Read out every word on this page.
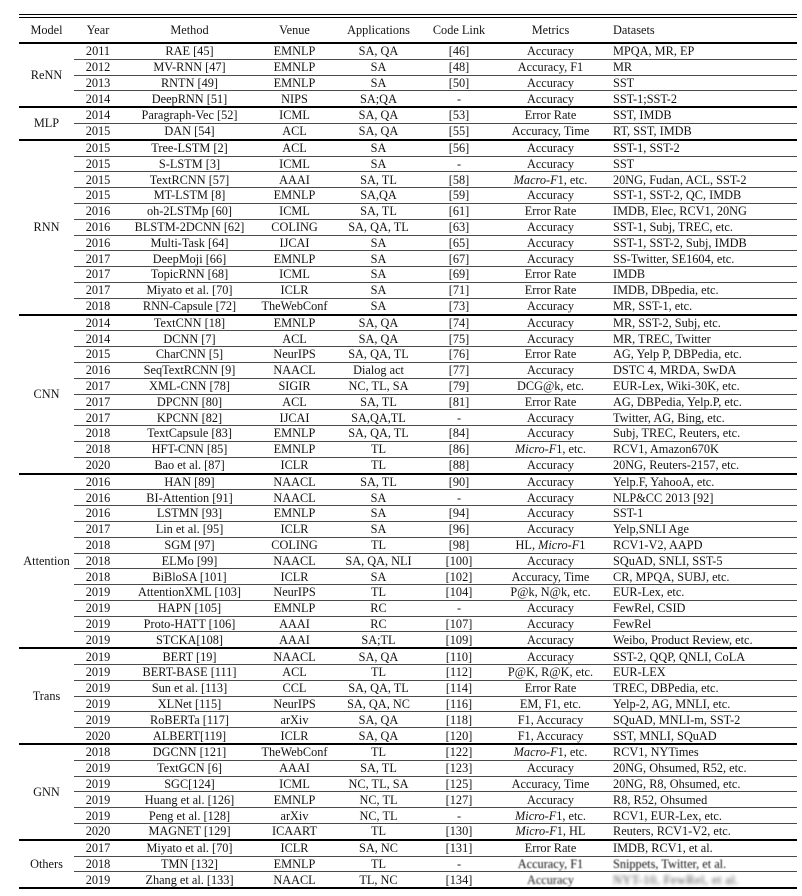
Model	Year	Method	Venue	Applications	Code Link	Metrics	Datasets
ReNN	2011	RAE [45]	EMNLP	SA, QA	[46]	Accuracy	MPQA, MR, EP
	2012	MV-RNN [47]	EMNLP	SA	[48]	Accuracy, F1	MR
	2013	RNTN [49]	EMNLP	SA	[50]	Accuracy	SST
	2014	DeepRNN [51]	NIPS	SA;QA	-	Accuracy	SST-1;SST-2
MLP	2014	Paragraph-Vec [52]	ICML	SA, QA	[53]	Error Rate	SST, IMDB
	2015	DAN [54]	ACL	SA, QA	[55]	Accuracy, Time	RT, SST, IMDB
RNN	2015	Tree-LSTM [2]	ACL	SA	[56]	Accuracy	SST-1, SST-2
	2015	S-LSTM [3]	ICML	SA	-	Accuracy	SST
	2015	TextRCNN [57]	AAAI	SA, TL	[58]	Macro-F1, etc.	20NG, Fudan, ACL, SST-2
	2015	MT-LSTM [8]	EMNLP	SA,QA	[59]	Accuracy	SST-1, SST-2, QC, IMDB
	2016	oh-2LSTMp [60]	ICML	SA, TL	[61]	Error Rate	IMDB, Elec, RCV1, 20NG
	2016	BLSTM-2DCNN [62]	COLING	SA, QA, TL	[63]	Accuracy	SST-1, Subj, TREC, etc.
	2016	Multi-Task [64]	IJCAI	SA	[65]	Accuracy	SST-1, SST-2, Subj, IMDB
	2017	DeepMoji [66]	EMNLP	SA	[67]	Accuracy	SS-Twitter, SE1604, etc.
	2017	TopicRNN [68]	ICML	SA	[69]	Error Rate	IMDB
	2017	Miyato et al. [70]	ICLR	SA	[71]	Error Rate	IMDB, DBpedia, etc.
	2018	RNN-Capsule [72]	TheWebConf	SA	[73]	Accuracy	MR, SST-1, etc.
CNN	2014	TextCNN [18]	EMNLP	SA, QA	[74]	Accuracy	MR, SST-2, Subj, etc.
	2014	DCNN [7]	ACL	SA, QA	[75]	Accuracy	MR, TREC, Twitter
	2015	CharCNN [5]	NeurIPS	SA, QA, TL	[76]	Error Rate	AG, Yelp P, DBPedia, etc.
	2016	SeqTextRCNN [9]	NAACL	Dialog act	[77]	Accuracy	DSTC 4, MRDA, SwDA
	2017	XML-CNN [78]	SIGIR	NC, TL, SA	[79]	DCG@k, etc.	EUR-Lex, Wiki-30K, etc.
	2017	DPCNN [80]	ACL	SA, TL	[81]	Error Rate	AG, DBPedia, Yelp.P, etc.
	2017	KPCNN [82]	IJCAI	SA,QA,TL	-	Accuracy	Twitter, AG, Bing, etc.
	2018	TextCapsule [83]	EMNLP	SA, QA, TL	[84]	Accuracy	Subj, TREC, Reuters, etc.
	2018	HFT-CNN [85]	EMNLP	TL	[86]	Micro-F1, etc.	RCV1, Amazon670K
	2020	Bao et al. [87]	ICLR	TL	[88]	Accuracy	20NG, Reuters-2157, etc.
Attention	2016	HAN [89]	NAACL	SA, TL	[90]	Accuracy	Yelp.F, YahooA, etc.
	2016	BI-Attention [91]	NAACL	SA	-	Accuracy	NLP&CC 2013 [92]
	2016	LSTMN [93]	EMNLP	SA	[94]	Accuracy	SST-1
	2017	Lin et al. [95]	ICLR	SA	[96]	Accuracy	Yelp,SNLI Age
	2018	SGM [97]	COLING	TL	[98]	HL, Micro-F1	RCV1-V2, AAPD
	2018	ELMo [99]	NAACL	SA, QA, NLI	[100]	Accuracy	SQuAD, SNLI, SST-5
	2018	BiBloSA [101]	ICLR	SA	[102]	Accuracy, Time	CR, MPQA, SUBJ, etc.
	2019	AttentionXML [103]	NeurIPS	TL	[104]	P@k, N@k, etc.	EUR-Lex, etc.
	2019	HAPN [105]	EMNLP	RC	-	Accuracy	FewRel, CSID
	2019	Proto-HATT [106]	AAAI	RC	[107]	Accuracy	FewRel
	2019	STCKA[108]	AAAI	SA;TL	[109]	Accuracy	Weibo, Product Review, etc.
Trans	2019	BERT [19]	NAACL	SA, QA	[110]	Accuracy	SST-2, QQP, QNLI, CoLA
	2019	BERT-BASE [111]	ACL	TL	[112]	P@K, R@K, etc.	EUR-LEX
	2019	Sun et al. [113]	CCL	SA, QA, TL	[114]	Error Rate	TREC, DBPedia, etc.
	2019	XLNet [115]	NeurIPS	SA, QA, NC	[116]	EM, F1, etc.	Yelp-2, AG, MNLI, etc.
	2019	RoBERTa [117]	arXiv	SA, QA	[118]	F1, Accuracy	SQuAD, MNLI-m, SST-2
	2020	ALBERT[119]	ICLR	SA, QA	[120]	F1, Accuracy	SST, MNLI, SQuAD
GNN	2018	DGCNN [121]	TheWebConf	TL	[122]	Macro-F1, etc.	RCV1, NYTimes
	2019	TextGCN [6]	AAAI	SA, TL	[123]	Accuracy	20NG, Ohsumed, R52, etc.
	2019	SGC[124]	ICML	NC, TL, SA	[125]	Accuracy, Time	20NG, R8, Ohsumed, etc.
	2019	Huang et al. [126]	EMNLP	NC, TL	[127]	Accuracy	R8, R52, Ohsumed
	2019	Peng et al. [128]	arXiv	NC, TL	-	Micro-F1, etc.	RCV1, EUR-Lex, etc.
	2020	MAGNET [129]	ICAART	TL	[130]	Micro-F1, HL	Reuters, RCV1-V2, etc.
Others	2017	Miyato et al. [70]	ICLR	SA, NC	[131]	Error Rate	IMDB, RCV1, et al.
	2018	TMN [132]	EMNLP	TL	-	Accuracy, F1	Snippets, Twitter, et al.
	2019	Zhang et al. [133]	NAACL	TL, NC	[134]	Accuracy	NYT-10, FewRel, et al.
